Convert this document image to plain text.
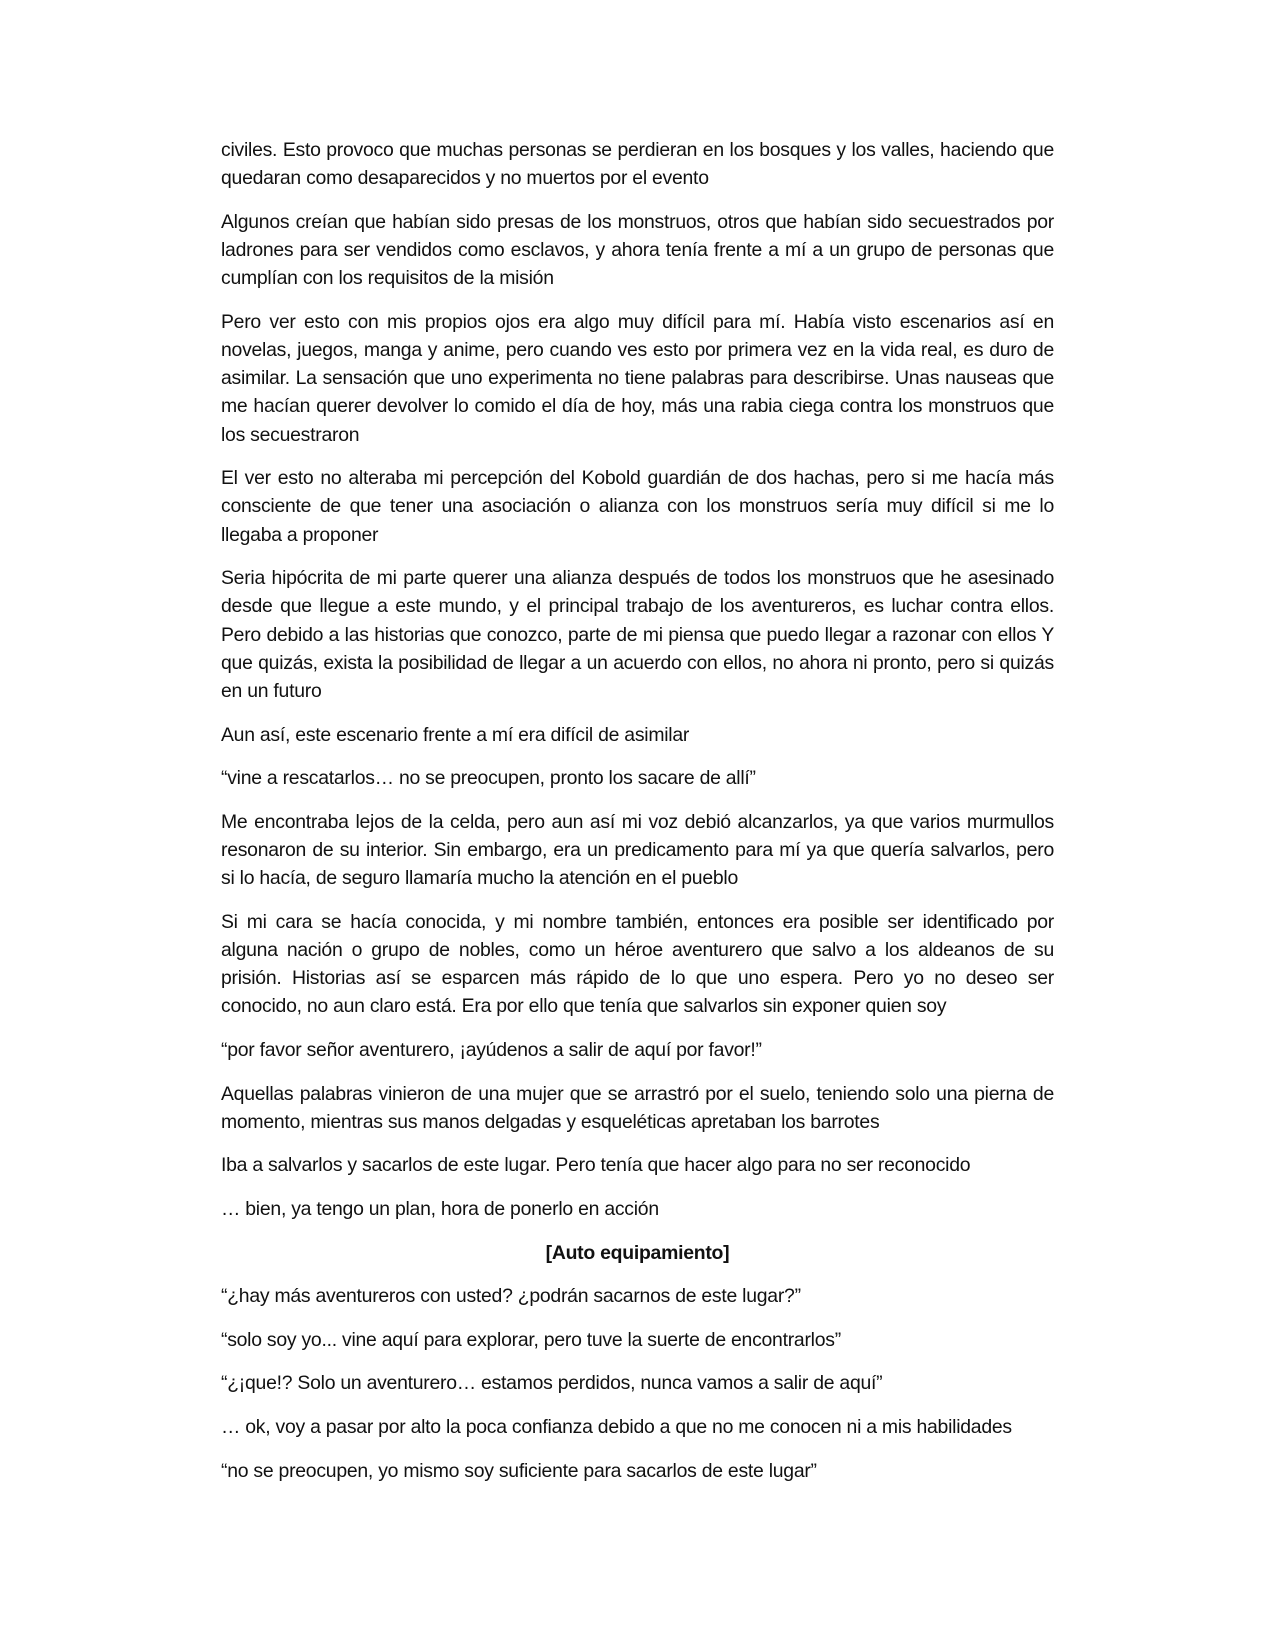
civiles. Esto provoco que muchas personas se perdieran en los bosques y los valles, haciendo que quedaran como desaparecidos y no muertos por el evento

Algunos creían que habían sido presas de los monstruos, otros que habían sido secuestrados por ladrones para ser vendidos como esclavos, y ahora tenía frente a mí a un grupo de personas que cumplían con los requisitos de la misión

Pero ver esto con mis propios ojos era algo muy difícil para mí. Había visto escenarios así en novelas, juegos, manga y anime, pero cuando ves esto por primera vez en la vida real, es duro de asimilar. La sensación que uno experimenta no tiene palabras para describirse. Unas nauseas que me hacían querer devolver lo comido el día de hoy, más una rabia ciega contra los monstruos que los secuestraron

El ver esto no alteraba mi percepción del Kobold guardián de dos hachas, pero si me hacía más consciente de que tener una asociación o alianza con los monstruos sería muy difícil si me lo llegaba a proponer

Seria hipócrita de mi parte querer una alianza después de todos los monstruos que he asesinado desde que llegue a este mundo, y el principal trabajo de los aventureros, es luchar contra ellos. Pero debido a las historias que conozco, parte de mi piensa que puedo llegar a razonar con ellos Y que quizás, exista la posibilidad de llegar a un acuerdo con ellos, no ahora ni pronto, pero si quizás en un futuro

Aun así, este escenario frente a mí era difícil de asimilar

“vine a rescatarlos… no se preocupen, pronto los sacare de allí”

Me encontraba lejos de la celda, pero aun así mi voz debió alcanzarlos, ya que varios murmullos resonaron de su interior. Sin embargo, era un predicamento para mí ya que quería salvarlos, pero si lo hacía, de seguro llamaría mucho la atención en el pueblo

Si mi cara se hacía conocida, y mi nombre también, entonces era posible ser identificado por alguna nación o grupo de nobles, como un héroe aventurero que salvo a los aldeanos de su prisión. Historias así se esparcen más rápido de lo que uno espera. Pero yo no deseo ser conocido, no aun claro está. Era por ello que tenía que salvarlos sin exponer quien soy

“por favor señor aventurero, ¡ayúdenos a salir de aquí por favor!”

Aquellas palabras vinieron de una mujer que se arrastró por el suelo, teniendo solo una pierna de momento, mientras sus manos delgadas y esqueléticas apretaban los barrotes

Iba a salvarlos y sacarlos de este lugar. Pero tenía que hacer algo para no ser reconocido

… bien, ya tengo un plan, hora de ponerlo en acción

[Auto equipamiento]

“¿hay más aventureros con usted? ¿podrán sacarnos de este lugar?”

“solo soy yo... vine aquí para explorar, pero tuve la suerte de encontrarlos”

“¿¡que!? Solo un aventurero… estamos perdidos, nunca vamos a salir de aquí”

… ok, voy a pasar por alto la poca confianza debido a que no me conocen ni a mis habilidades

“no se preocupen, yo mismo soy suficiente para sacarlos de este lugar”
